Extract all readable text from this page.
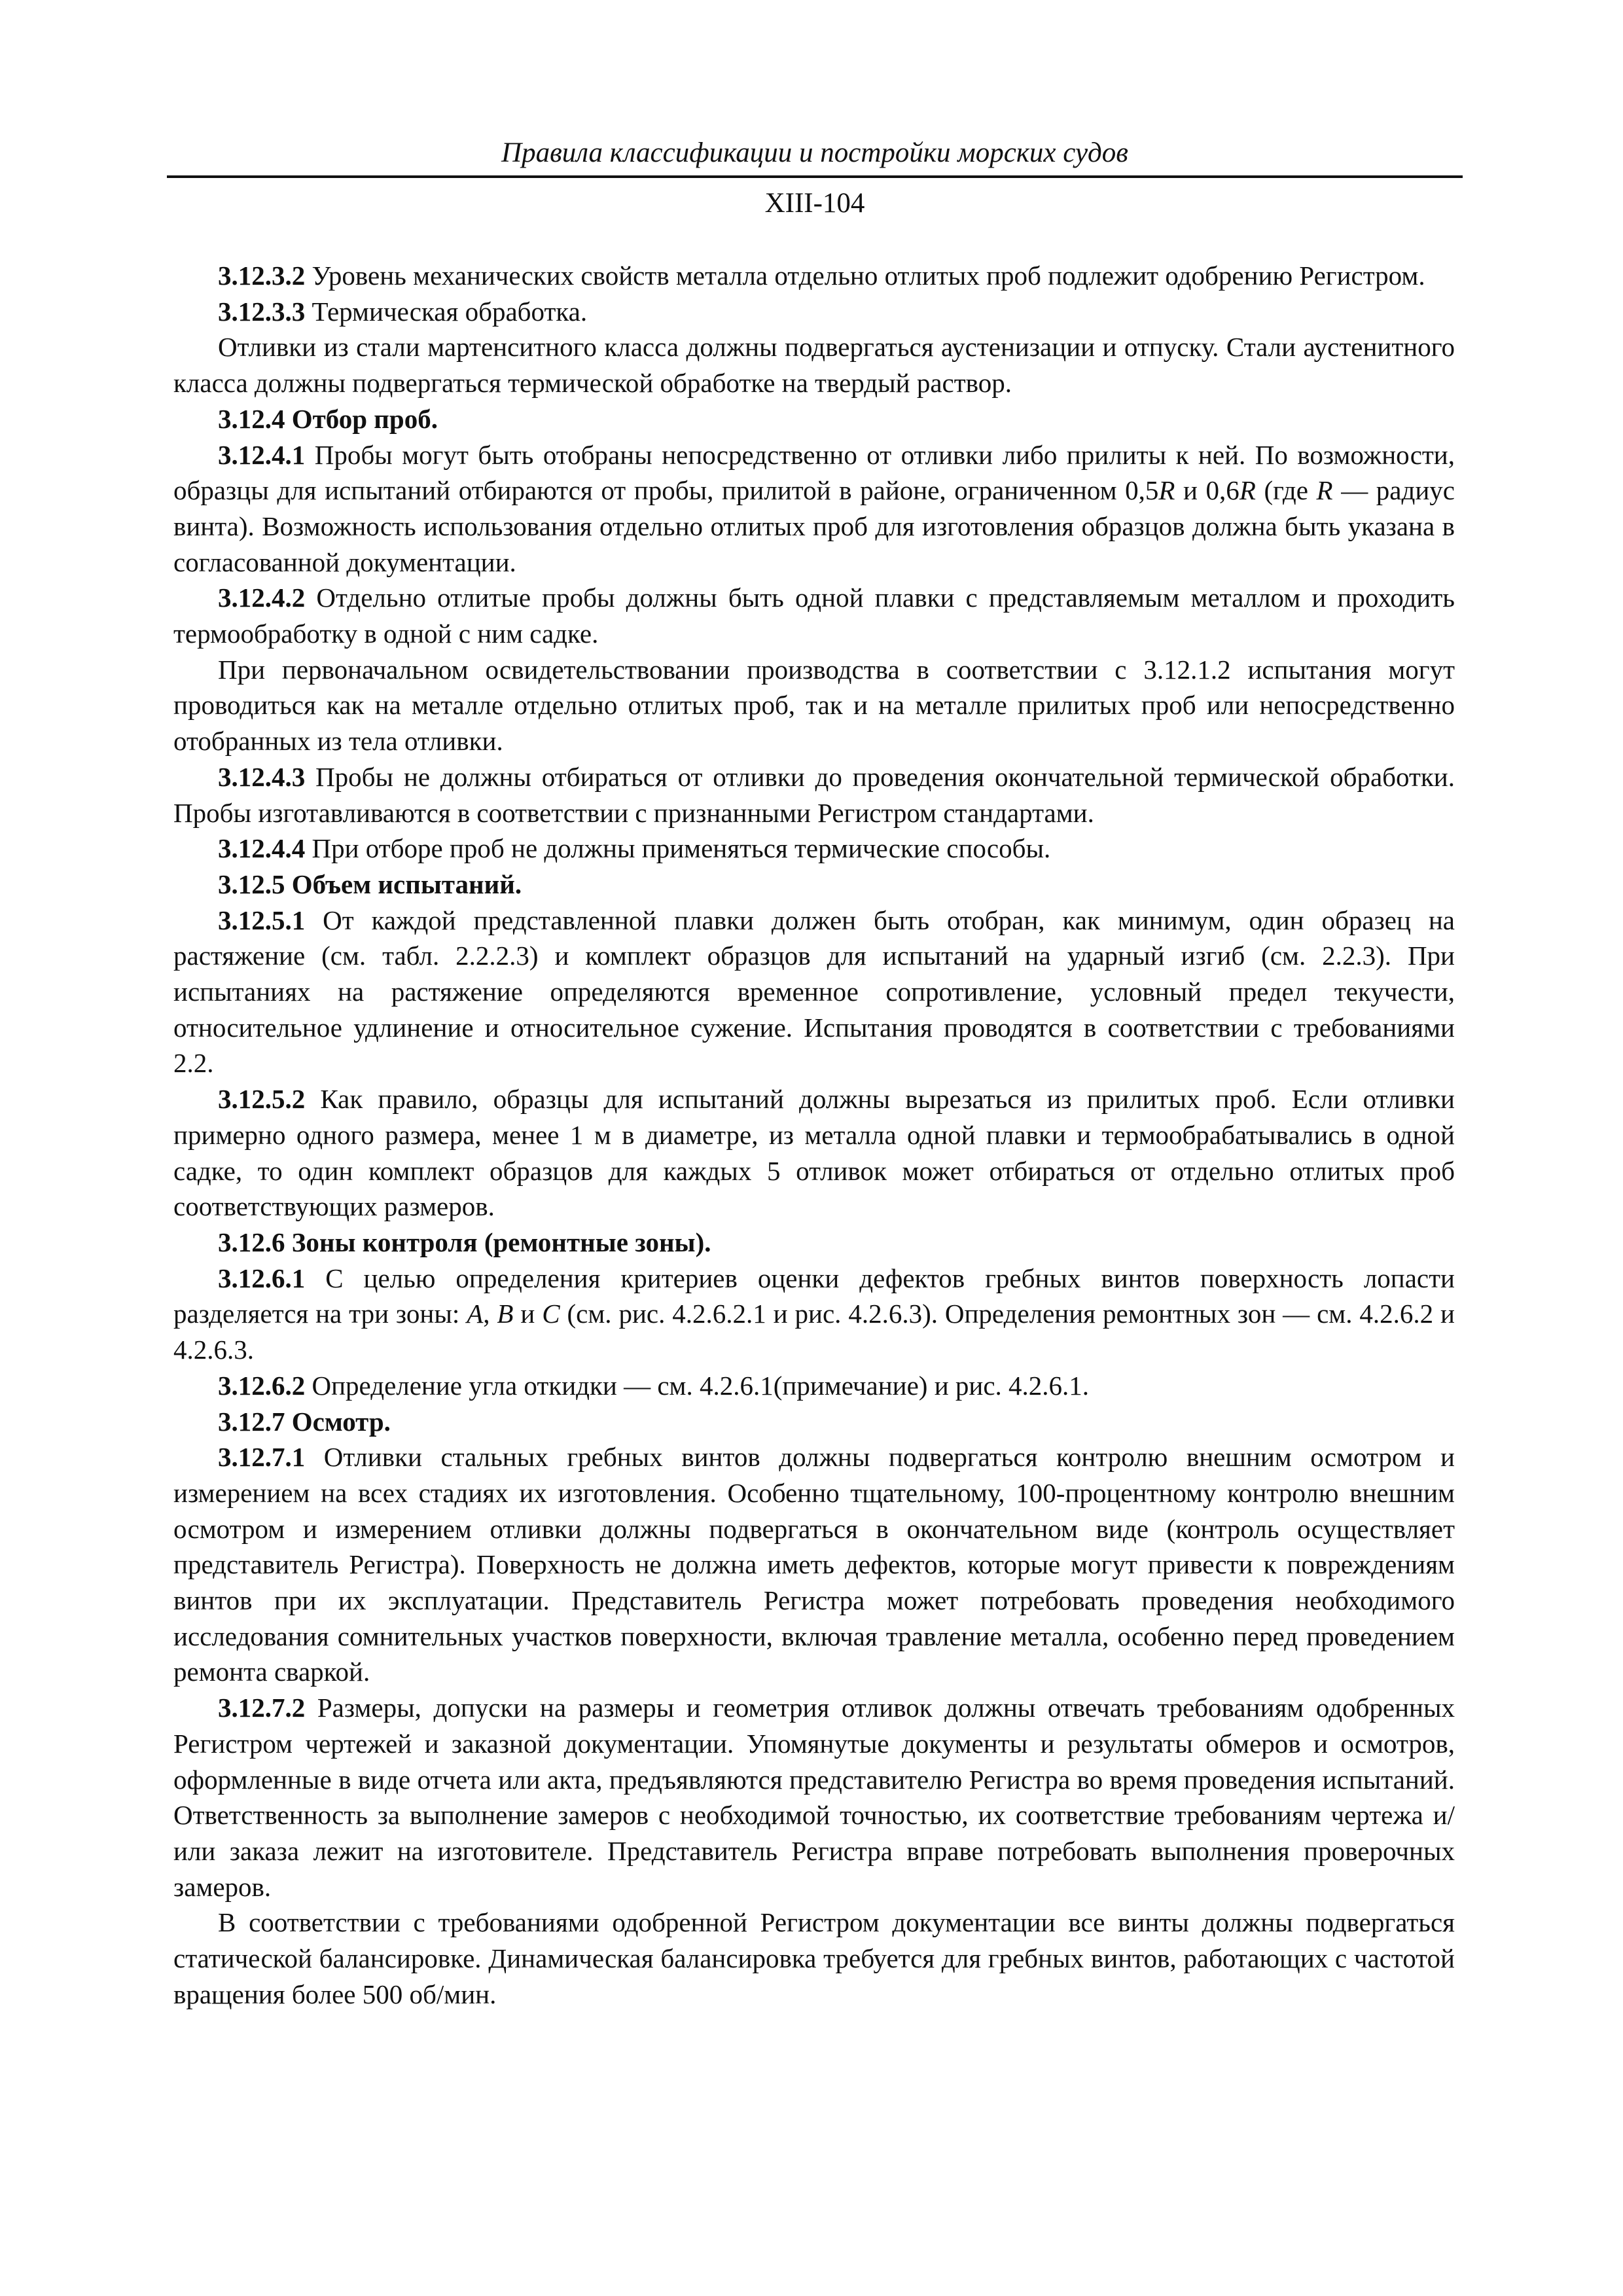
Правила классификации и постройки морских судов
XIII-104

3.12.3.2 Уровень механических свойств металла отдельно отлитых проб подлежит одобрению Регистром.

3.12.3.3 Термическая обработка.

Отливки из стали мартенситного класса должны подвергаться аустенизации и отпуску. Стали аустенитного класса должны подвергаться термической обработке на твердый раствор.

3.12.4 Отбор проб.

3.12.4.1 Пробы могут быть отобраны непосредственно от отливки либо прилиты к ней. По возможности, образцы для испытаний отбираются от пробы, прилитой в районе, ограниченном 0,5R и 0,6R (где R — радиус винта). Возможность использования отдельно отлитых проб для изготовления образцов должна быть указана в согласованной документации.

3.12.4.2 Отдельно отлитые пробы должны быть одной плавки с представляемым металлом и проходить термообработку в одной с ним садке.

При первоначальном освидетельствовании производства в соответствии с 3.12.1.2 испытания могут проводиться как на металле отдельно отлитых проб, так и на металле прилитых проб или непосредственно отобранных из тела отливки.

3.12.4.3 Пробы не должны отбираться от отливки до проведения окончательной термической обработки. Пробы изготавливаются в соответствии с признанными Регистром стандартами.

3.12.4.4 При отборе проб не должны применяться термические способы.

3.12.5 Объем испытаний.

3.12.5.1 От каждой представленной плавки должен быть отобран, как минимум, один образец на растяжение (см. табл. 2.2.2.3) и комплект образцов для испытаний на ударный изгиб (см. 2.2.3). При испытаниях на растяжение определяются временное сопротивление, условный предел текучести, относительное удлинение и относительное сужение. Испытания проводятся в соответствии с требованиями 2.2.

3.12.5.2 Как правило, образцы для испытаний должны вырезаться из прилитых проб. Если отливки примерно одного размера, менее 1 м в диаметре, из металла одной плавки и термообрабатывались в одной садке, то один комплект образцов для каждых 5 отливок может отбираться от отдельно отлитых проб соответствующих размеров.

3.12.6 Зоны контроля (ремонтные зоны).

3.12.6.1 С целью определения критериев оценки дефектов гребных винтов поверхность лопасти разделяется на три зоны: A, B и C (см. рис. 4.2.6.2.1 и рис. 4.2.6.3). Определения ремонтных зон — см. 4.2.6.2 и 4.2.6.3.

3.12.6.2 Определение угла откидки — см. 4.2.6.1(примечание) и рис. 4.2.6.1.

3.12.7 Осмотр.

3.12.7.1 Отливки стальных гребных винтов должны подвергаться контролю внешним осмотром и измерением на всех стадиях их изготовления. Особенно тщательному, 100-процентному контролю внешним осмотром и измерением отливки должны подвергаться в окончательном виде (контроль осуществляет представитель Регистра). Поверхность не должна иметь дефектов, которые могут привести к повреждениям винтов при их эксплуатации. Представитель Регистра может потребовать проведения необходимого исследования сомнительных участков поверхности, включая травление металла, особенно перед проведением ремонта сваркой.

3.12.7.2 Размеры, допуски на размеры и геометрия отливок должны отвечать требованиям одобренных Регистром чертежей и заказной документации. Упомянутые документы и результаты обмеров и осмотров, оформленные в виде отчета или акта, предъявляются представителю Регистра во время проведения испытаний. Ответственность за выполнение замеров с необходимой точностью, их соответствие требованиям чертежа и/или заказа лежит на изготовителе. Представитель Регистра вправе потребовать выполнения проверочных замеров.

В соответствии с требованиями одобренной Регистром документации все винты должны подвергаться статической балансировке. Динамическая балансировка требуется для гребных винтов, работающих с частотой вращения более 500 об/мин.
